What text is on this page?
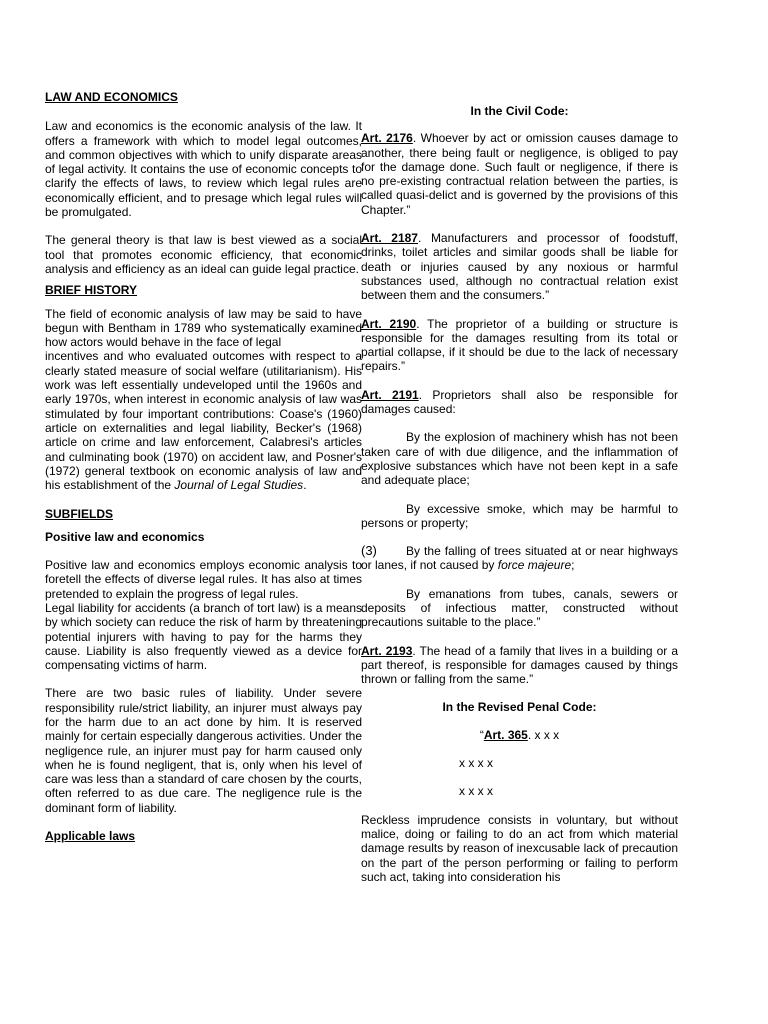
LAW AND ECONOMICS

Law and economics is the economic analysis of the law. It offers a framework with which to model legal outcomes, and common objectives with which to unify disparate areas of legal activity. It contains the use of economic concepts to clarify the effects of laws, to review which legal rules are economically efficient, and to presage which legal rules will be promulgated.

The general theory is that law is best viewed as a social tool that promotes economic efficiency, that economic analysis and efficiency as an ideal can guide legal practice.

BRIEF HISTORY

The field of economic analysis of law may be said to have begun with Bentham in 1789 who systematically examined how actors would behave in the face of legal

incentives and who evaluated outcomes with respect to a clearly stated measure of social welfare (utilitarianism). His work was left essentially undeveloped until the 1960s and early 1970s, when interest in economic analysis of law was stimulated by four important contributions: Coase's (1960) article on externalities and legal liability, Becker's (1968) article on crime and law enforcement, Calabresi's articles and culminating book (1970) on accident law, and Posner's (1972) general textbook on economic analysis of law and his establishment of the Journal of Legal Studies.

SUBFIELDS

Positive law and economics

Positive law and economics employs economic analysis to foretell the effects of diverse legal rules. It has also at times pretended to explain the progress of legal rules.

Legal liability for accidents (a branch of tort law) is a means by which society can reduce the risk of harm by threatening potential injurers with having to pay for the harms they cause. Liability is also frequently viewed as a device for compensating victims of harm.

There are two basic rules of liability. Under severe responsibility rule/strict liability, an injurer must always pay for the harm due to an act done by him. It is reserved mainly for certain especially dangerous activities. Under the negligence rule, an injurer must pay for harm caused only when he is found negligent, that is, only when his level of care was less than a standard of care chosen by the courts, often referred to as due care. The negligence rule is the dominant form of liability.

Applicable laws

In the Civil Code:

Art. 2176. Whoever by act or omission causes damage to another, there being fault or negligence, is obliged to pay for the damage done. Such fault or negligence, if there is no pre-existing contractual relation between the parties, is called quasi-delict and is governed by the provisions of this Chapter.”

Art. 2187. Manufacturers and processor of foodstuff, drinks, toilet articles and similar goods shall be liable for death or injuries caused by any noxious or harmful substances used, although no contractual relation exist between them and the consumers.”

Art. 2190. The proprietor of a building or structure is responsible for the damages resulting from its total or partial collapse, if it should be due to the lack of necessary repairs.”

Art. 2191. Proprietors shall also be responsible for damages caused:

By the explosion of machinery whish has not been taken care of with due diligence, and the inflammation of explosive substances which have not been kept in a safe and adequate place;

By excessive smoke, which may be harmful to persons or property;

(3) By the falling of trees situated at or near highways or lanes, if not caused by force majeure;

By emanations from tubes, canals, sewers or deposits of infectious matter, constructed without precautions suitable to the place.”

Art. 2193. The head of a family that lives in a building or a part thereof, is responsible for damages caused by things thrown or falling from the same.”

In the Revised Penal Code:

“Art. 365. x x x

x x x x

x x x x

Reckless imprudence consists in voluntary, but without malice, doing or failing to do an act from which material damage results by reason of inexcusable lack of precaution on the part of the person performing or failing to perform such act, taking into consideration his
